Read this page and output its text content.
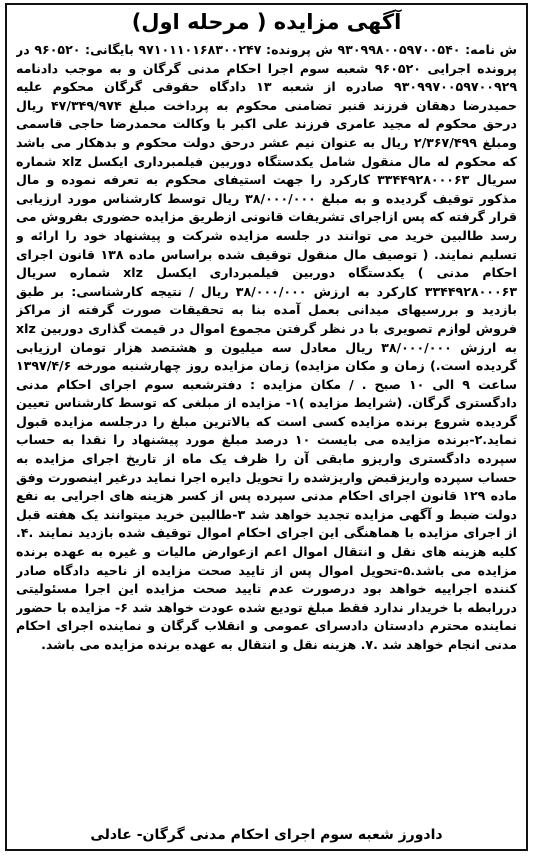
آگهی مزایده ( مرحله اول)

ش نامه: ۹۳۰۹۹۸۰۰۵۹۷۰۰۵۴۰ ش پرونده: ۹۷۱۰۱۱۰۱۶۸۳۰۰۲۴۷ بایگانی: ۹۶۰۵۲۰ در پرونده اجرایی ۹۶۰۵۲۰ شعبه سوم اجرا احکام مدنی گرگان و به موجب دادنامه ۹۳۰۹۹۷۰۰۵۹۷۰۰۹۲۹ صادره از شعبه ۱۳ دادگاه حقوقی گرگان محکوم علیه حمیدرضا دهقان فرزند قنبر تضامنی محکوم به پرداخت مبلغ ۴۷/۳۴۹/۹۷۴ ریال درحق محکوم له مجید عامری فرزند علی اکبر با وکالت محمدرضا حاجی قاسمی ومبلغ ۲/۳۶۷/۴۹۹ ریال به عنوان نیم عشر درحق دولت محکوم و بدهکار می باشد که محکوم له مال منقول شامل یکدستگاه دوربین فیلمبرداری ایکسل xlz شماره سریال ۳۳۴۴۹۲۸۰۰۰۶۳ کارکرد را جهت استیفای محکوم به تعرفه نموده و مال مذکور توقیف گردیده و به مبلغ ۳۸/۰۰۰/۰۰۰ ریال توسط کارشناس مورد ارزیابی قرار گرفته که پس ازاجرای تشریفات قانونی ازطریق مزایده حضوری بفروش می رسد طالبین خرید می توانند در جلسه مزایده شرکت و پیشنهاد خود را ارائه و تسلیم نمایند. ( توصیف مال منقول توقیف شده براساس ماده ۱۳۸ قانون اجرای احکام مدنی ) یکدستگاه دوربین فیلمبرداری ایکسل xlz شماره سریال ۳۳۴۴۹۲۸۰۰۰۶۳ کارکرد به ارزش ۳۸/۰۰۰/۰۰۰ ریال / نتیجه کارشناسی: بر طبق بازدید و بررسیهای میدانی بعمل آمده بنا به تحقیقات صورت گرفته از مراکز فروش لوازم تصویری با در نظر گرفتن مجموع اموال در قیمت گذاری دوربین xlz به ارزش ۳۸/۰۰۰/۰۰۰ ریال معادل سه میلیون و هشتصد هزار تومان ارزیابی گردیده است.) زمان و مکان مزایده) زمان مزایده روز چهارشنبه مورخه ۱۳۹۷/۴/۶ ساعت ۹ الی ۱۰ صبح . / مکان مزایده : دفترشعبه سوم اجرای احکام مدنی دادگستری گرگان. (شرایط مزایده )۱- مزایده از مبلغی که توسط کارشناس تعیین گردیده شروع برنده مزایده کسی است که بالاترین مبلغ را درجلسه مزایده قبول نماید.۲-برنده مزایده می بایست ۱۰ درصد مبلغ مورد پیشنهاد را نقدا به حساب سپرده دادگستری واریزو مابقی آن را ظرف یک ماه از تاریخ اجرای مزایده به حساب سپرده واریزقبض واریزشده را تحویل دایره اجرا نماید درغیر اینصورت وفق ماده ۱۲۹ قانون اجرای احکام مدنی سپرده پس از کسر هزینه های اجرایی به نفع دولت ضبط و آگهی مزایده تجدید خواهد شد ۳-طالبین خرید میتوانند یک هفته قبل از اجرای مزایده با هماهنگی این اجرای احکام اموال توقیف شده بازدید نمایند .۴. کلیه هزینه های نقل و انتقال اموال اعم ازعوارض مالیات و غیره به عهده برنده مزایده می باشد.۵-تحویل اموال پس از تایید صحت مزایده از ناحیه دادگاه صادر کننده اجراییه خواهد بود درصورت عدم تایید صحت مزایده این اجرا مسئولیتی دررابطه با خریدار ندارد فقط مبلغ تودیع شده عودت خواهد شد ۶- مزایده با حضور نماینده محترم دادستان دادسرای عمومی و انقلاب گرگان و نماینده اجرای احکام مدنی انجام خواهد شد .۷. هزینه نقل و انتقال به عهده برنده مزایده می باشد.

دادورز شعبه سوم اجرای احکام مدنی گرگان- عادلی
